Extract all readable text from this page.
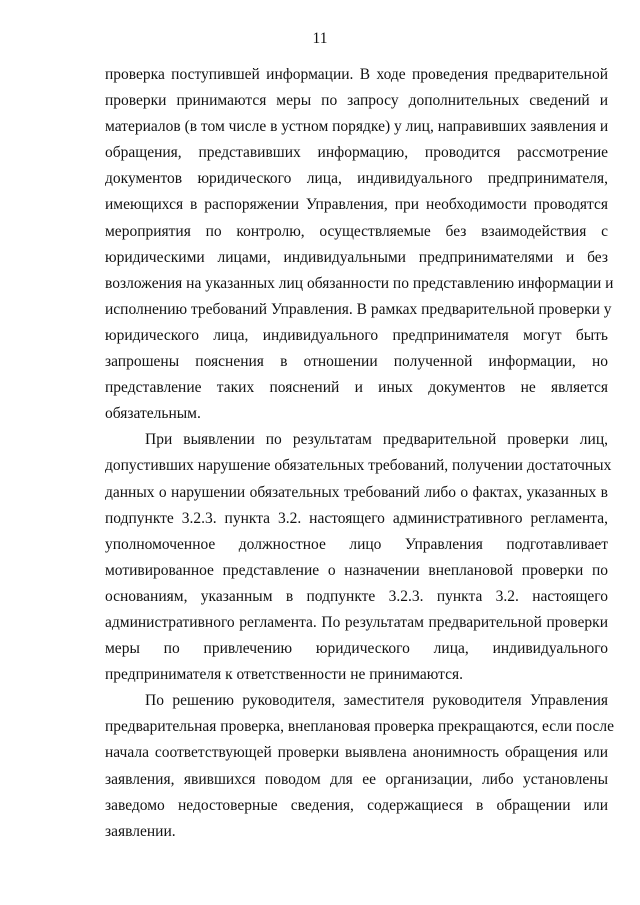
11
проверка поступившей информации. В ходе проведения предварительной
проверки принимаются меры по запросу дополнительных сведений и
материалов (в том числе в устном порядке) у лиц, направивших заявления и
обращения, представивших информацию, проводится рассмотрение
документов юридического лица, индивидуального предпринимателя,
имеющихся в распоряжении Управления, при необходимости проводятся
мероприятия по контролю, осуществляемые без взаимодействия с
юридическими лицами, индивидуальными предпринимателями и без
возложения на указанных лиц обязанности по представлению информации и
исполнению требований Управления. В рамках предварительной проверки у
юридического лица, индивидуального предпринимателя могут быть
запрошены пояснения в отношении полученной информации, но
представление таких пояснений и иных документов не является
обязательным.
При выявлении по результатам предварительной проверки лиц,
допустивших нарушение обязательных требований, получении достаточных
данных о нарушении обязательных требований либо о фактах, указанных в
подпункте 3.2.3. пункта 3.2. настоящего административного регламента,
уполномоченное должностное лицо Управления подготавливает
мотивированное представление о назначении внеплановой проверки по
основаниям, указанным в подпункте 3.2.3. пункта 3.2. настоящего
административного регламента. По результатам предварительной проверки
меры по привлечению юридического лица, индивидуального
предпринимателя к ответственности не принимаются.
По решению руководителя, заместителя руководителя Управления
предварительная проверка, внеплановая проверка прекращаются, если после
начала соответствующей проверки выявлена анонимность обращения или
заявления, явившихся поводом для ее организации, либо установлены
заведомо недостоверные сведения, содержащиеся в обращении или
заявлении.
